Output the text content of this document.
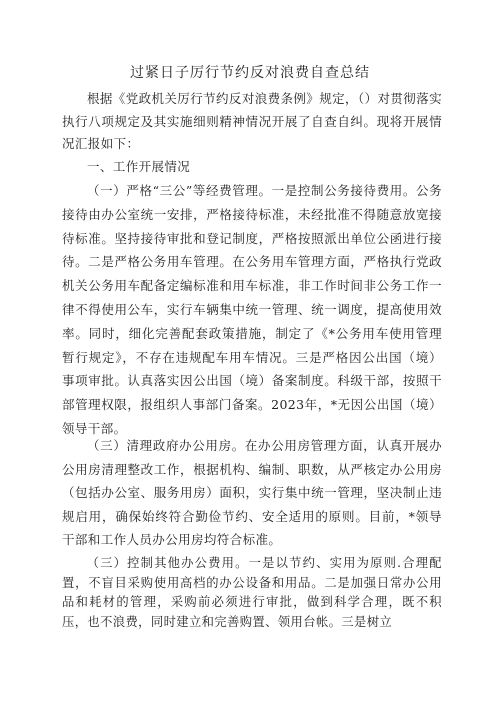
过紧日子厉行节约反对浪费自查总结
根据《党政机关厉行节约反对浪费条例》规定，（）对贯彻落实执行八项规定及其实施细则精神情况开展了自查自纠。现将开展情况汇报如下：
一、工作开展情况
（一）严格“三公”等经费管理。一是控制公务接待费用。公务接待由办公室统一安排，严格接待标准，未经批准不得随意放宽接待标准。坚持接待审批和登记制度，严格按照派出单位公函进行接待。二是严格公务用车管理。在公务用车管理方面，严格执行党政机关公务用车配备定编标准和用车标准，非工作时间非公务工作一律不得使用公车，实行车辆集中统一管理、统一调度，提高使用效率。同时，细化完善配套政策措施，制定了《*公务用车使用管理暂行规定》，不存在违规配车用车情况。三是严格因公出国（境）事项审批。认真落实因公出国（境）备案制度。科级干部，按照干部管理权限，报组织人事部门备案。2023年，*无因公出国（境）领导干部。
（三）清理政府办公用房。在办公用房管理方面，认真开展办公用房清理整改工作，根据机构、编制、职数，从严核定办公用房（包括办公室、服务用房）面积，实行集中统一管理，坚决制止违规启用，确保始终符合勤俭节约、安全适用的原则。目前，*领导干部和工作人员办公用房均符合标准。
（三）控制其他办公费用。一是以节约、实用为原则.合理配置，不盲目采购使用高档的办公设备和用品。二是加强日常办公用品和耗材的管理，采购前必须进行审批，做到科学合理，既不积压，也不浪费，同时建立和完善购置、领用台帐。三是树立
